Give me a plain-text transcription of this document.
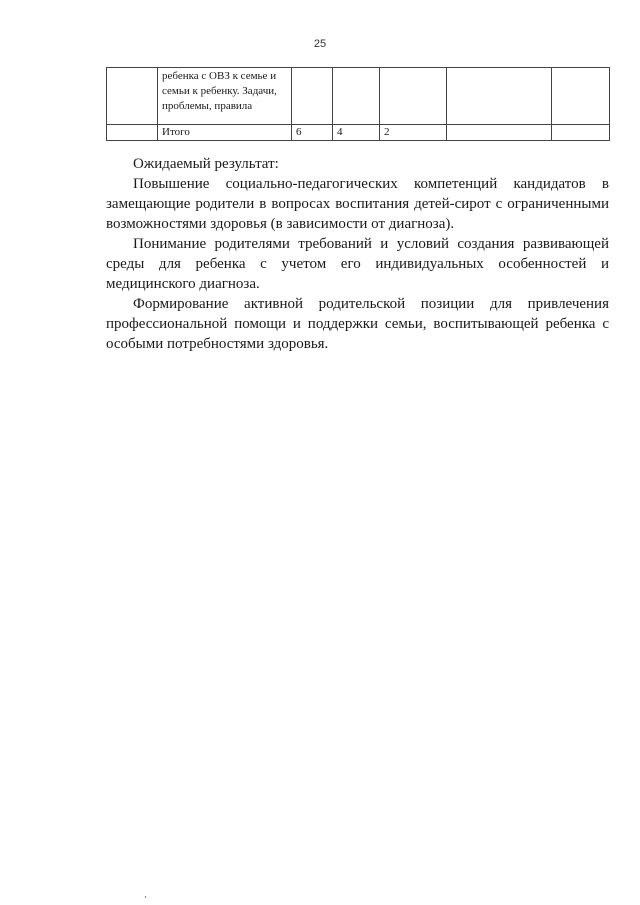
25
	ребенка с ОВЗ к семье и семьи к ребенку. Задачи, проблемы, правила					
	Итого	6	4	2		

Ожидаемый результат:

Повышение социально-педагогических компетенций кандидатов в замещающие родители в вопросах воспитания детей-сирот с ограниченными возможностями здоровья (в зависимости от диагноза).

Понимание родителями требований и условий создания развивающей среды для ребенка с учетом его индивидуальных особенностей и медицинского диагноза.

Формирование активной родительской позиции для привлечения профессиональной помощи и поддержки семьи, воспитывающей ребенка с особыми потребностями здоровья.
